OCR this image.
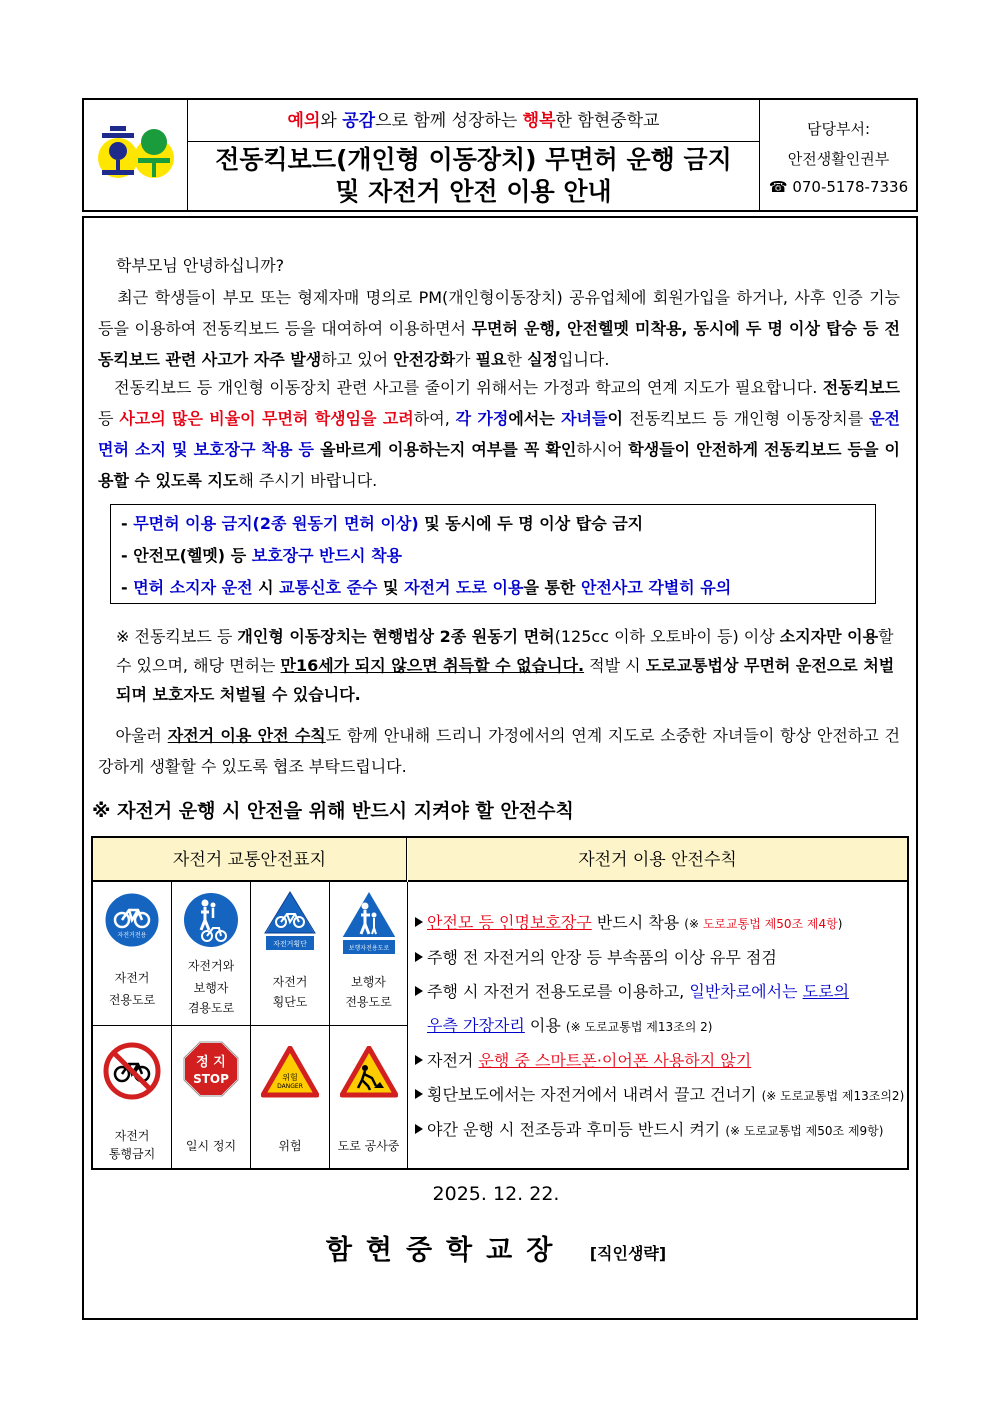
예의와 공감으로 함께 성장하는 행복한 함현중학교
전동킥보드(개인형 이동장치) 무면허 운행 금지
및 자전거 안전 이용 안내
담당부서:
안전생활인권부
☎ 070-5178-7336
학부모님 안녕하십니까?
최근 학생들이 부모 또는 형제자매 명의로 PM(개인형이동장치) 공유업체에 회원가입을 하거나, 사후 인증 기능 등을 이용하여 전동킥보드 등을 대여하여 이용하면서 무면허 운행, 안전헬멧 미착용, 동시에 두 명 이상 탑승 등 전동킥보드 관련 사고가 자주 발생하고 있어 안전강화가 필요한 실정입니다.
전동킥보드 등 개인형 이동장치 관련 사고를 줄이기 위해서는 가정과 학교의 연계 지도가 필요합니다. 전동킥보드 등 사고의 많은 비율이 무면허 학생임을 고려하여, 각 가정에서는 자녀들이 전동킥보드 등 개인형 이동장치를 운전면허 소지 및 보호장구 착용 등 올바르게 이용하는지 여부를 꼭 확인하시어 학생들이 안전하게 전동킥보드 등을 이용할 수 있도록 지도해 주시기 바랍니다.
- 무면허 이용 금지(2종 원동기 면허 이상) 및 동시에 두 명 이상 탑승 금지
- 안전모(헬멧) 등 보호장구 반드시 착용
- 면허 소지자 운전 시 교통신호 준수 및 자전거 도로 이용을 통한 안전사고 각별히 유의
※ 전동킥보드 등 개인형 이동장치는 현행법상 2종 원동기 면허(125cc 이하 오토바이 등) 이상 소지자만 이용할 수 있으며, 해당 면허는 만16세가 되지 않으면 취득할 수 없습니다. 적발 시 도로교통법상 무면허 운전으로 처벌되며 보호자도 처벌될 수 있습니다.
아울러 자전거 이용 안전 수칙도 함께 안내해 드리니 가정에서의 연계 지도로 소중한 자녀들이 항상 안전하고 건강하게 생활할 수 있도록 협조 부탁드립니다.
※ 자전거 운행 시 안전을 위해 반드시 지켜야 할 안전수칙
자전거 교통안전표지	자전거 이용 안전수칙
자전거전용
자전거
전용도로
자전거와
보행자
겸용도로
자전거횡단
자전거
횡단도
보행자전용도로
보행자
전용도로
자전거
통행금지
정 지
STOP
일시 정지
위험
DANGER
위험	도로 공사중
안전모 등 인명보호장구 반드시 착용 (※ 도로교통법 제50조 제4항)
주행 전 자전거의 안장 등 부속품의 이상 유무 점검
주행 시 자전거 전용도로를 이용하고, 일반차로에서는 도로의
우측 가장자리 이용 (※ 도로교통법 제13조의 2)
자전거 운행 중 스마트폰·이어폰 사용하지 않기
횡단보도에서는 자전거에서 내려서 끌고 건너기 (※ 도로교통법 제13조의2)
야간 운행 시 전조등과 후미등 반드시 켜기 (※ 도로교통법 제50조 제9항)
2025. 12. 22.
함현중학교장 [직인생략]
